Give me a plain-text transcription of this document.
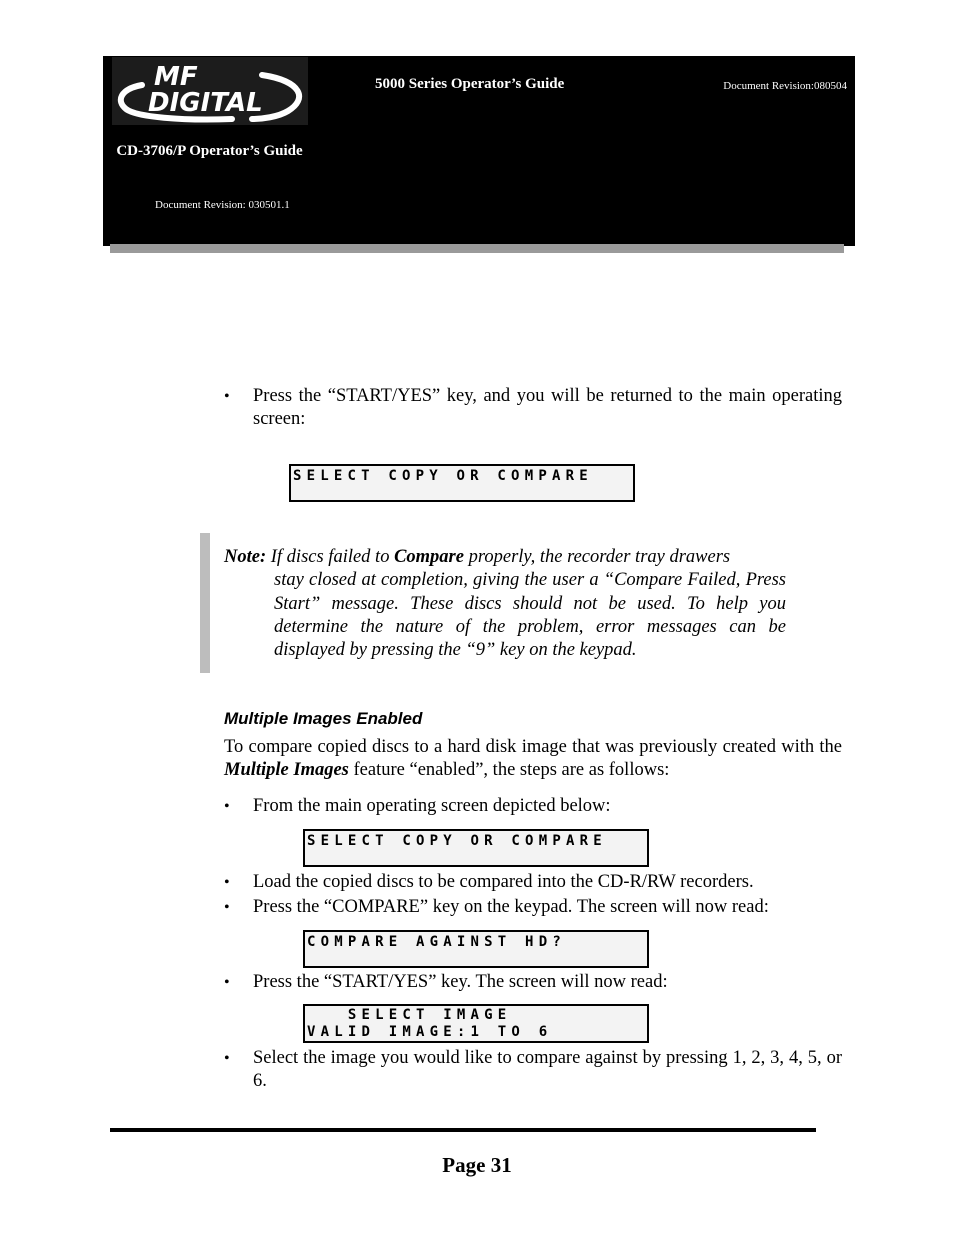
MF
DIGITAL
5000 Series Operator’s Guide	Document Revision:080504
CD-3706/P Operator’s Guide
Document Revision: 030501.1
• Press the “START/YES” key, and you will be returned to the main operating screen:
SELECT COPY OR COMPARE
Note: If discs failed to Compare properly, the recorder tray drawers
stay closed at completion, giving the user a “Compare Failed, Press Start” message. These discs should not be used. To help you determine the nature of the problem, error messages can be displayed by pressing the “9” key on the keypad.
Multiple Images Enabled
To compare copied discs to a hard disk image that was previously created with the Multiple Images feature “enabled”, the steps are as follows:
• From the main operating screen depicted below:
SELECT COPY OR COMPARE
• Load the copied discs to be compared into the CD-R/RW recorders.
• Press the “COMPARE” key on the keypad. The screen will now read:
COMPARE AGAINST HD?
• Press the “START/YES” key. The screen will now read:
SELECT IMAGE
VALID IMAGE:1 TO 6
• Select the image you would like to compare against by pressing 1, 2, 3, 4, 5, or 6.
Page 31
